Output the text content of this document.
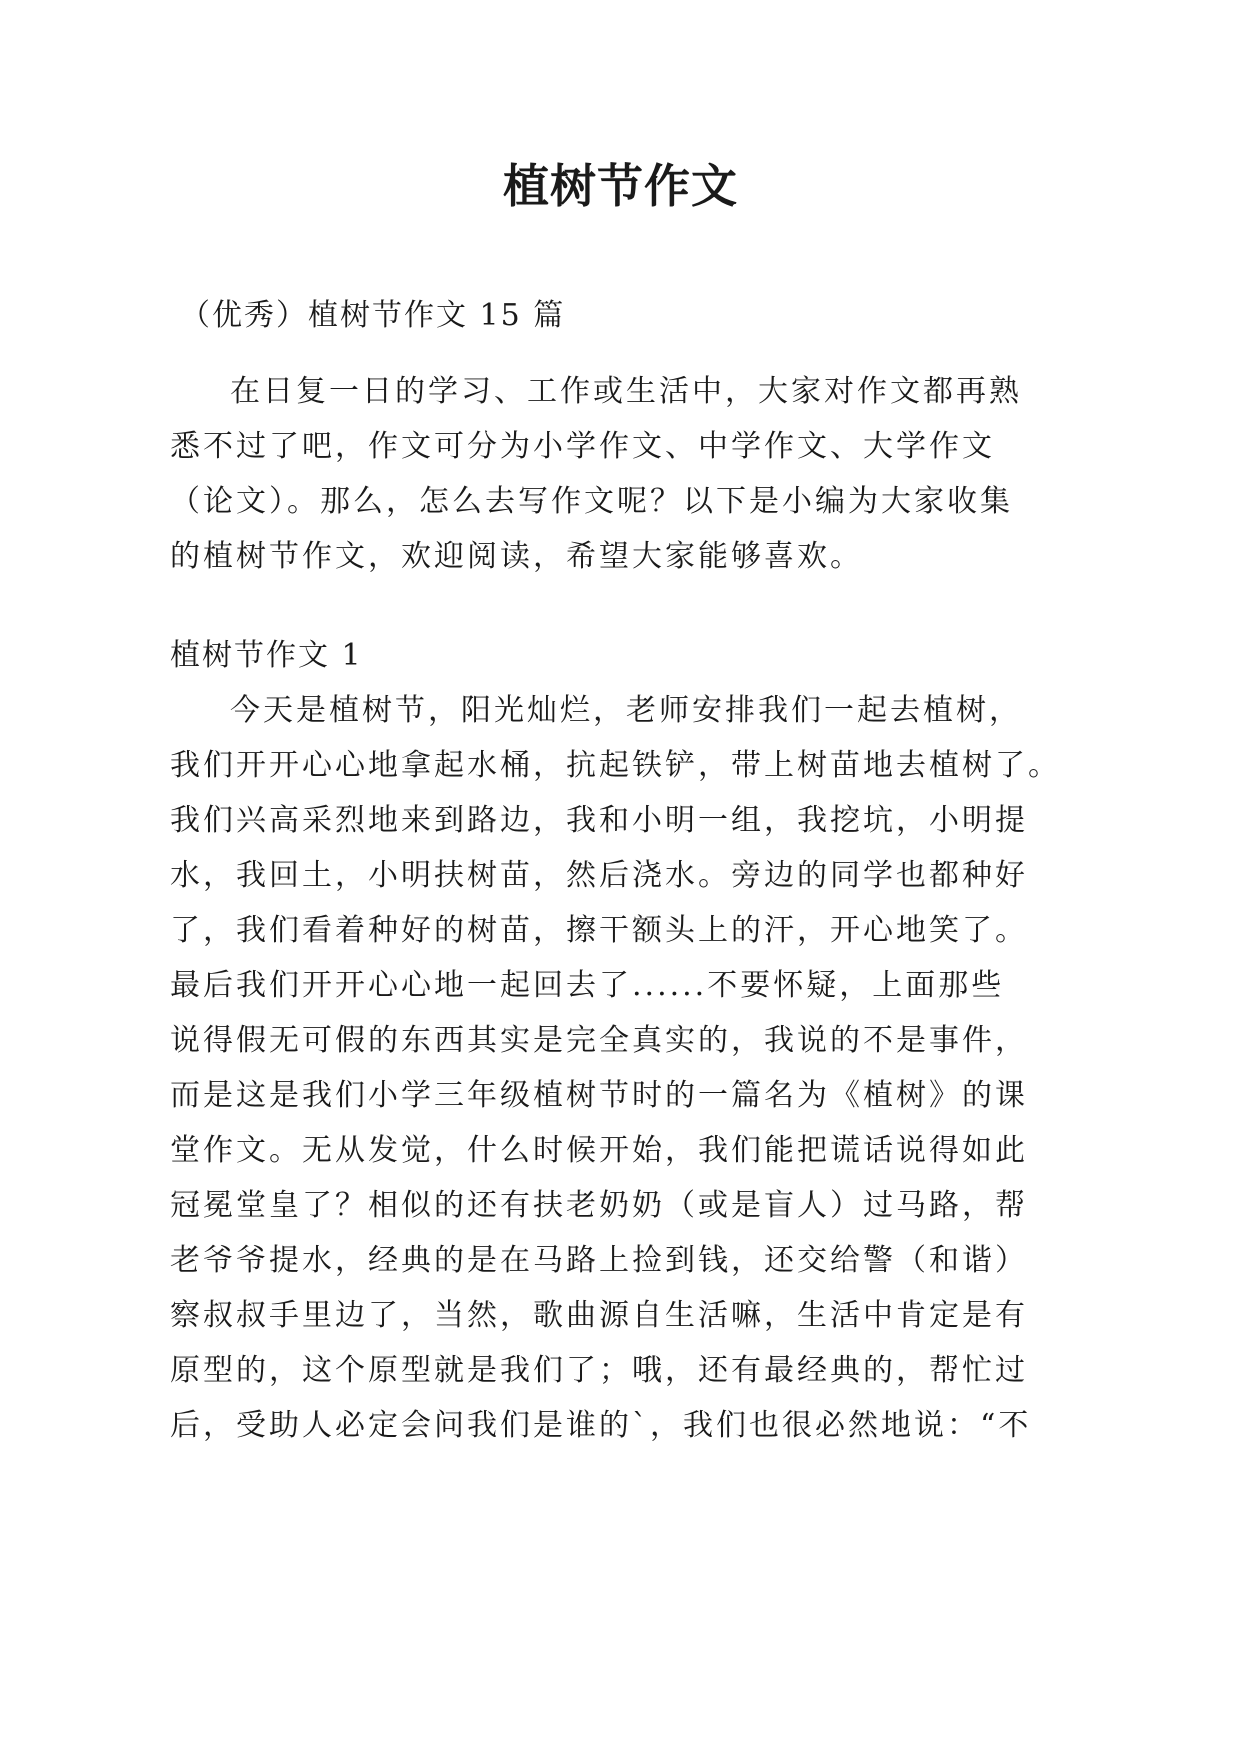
植树节作文
（优秀）植树节作文 15 篇
在日复一日的学习、工作或生活中，大家对作文都再熟
悉不过了吧，作文可分为小学作文、中学作文、大学作文
（论文）。那么，怎么去写作文呢？以下是小编为大家收集
的植树节作文，欢迎阅读，希望大家能够喜欢。
植树节作文 1
今天是植树节，阳光灿烂，老师安排我们一起去植树，
我们开开心心地拿起水桶，抗起铁铲，带上树苗地去植树了。
我们兴高采烈地来到路边，我和小明一组，我挖坑，小明提
水，我回土，小明扶树苗，然后浇水。旁边的同学也都种好
了，我们看着种好的树苗，擦干额头上的汗，开心地笑了。
最后我们开开心心地一起回去了......不要怀疑，上面那些
说得假无可假的东西其实是完全真实的，我说的不是事件，
而是这是我们小学三年级植树节时的一篇名为《植树》的课
堂作文。无从发觉，什么时候开始，我们能把谎话说得如此
冠冕堂皇了？相似的还有扶老奶奶（或是盲人）过马路，帮
老爷爷提水，经典的是在马路上捡到钱，还交给警（和谐）
察叔叔手里边了，当然，歌曲源自生活嘛，生活中肯定是有
原型的，这个原型就是我们了；哦，还有最经典的，帮忙过
后，受助人必定会问我们是谁的`，我们也很必然地说：“不
